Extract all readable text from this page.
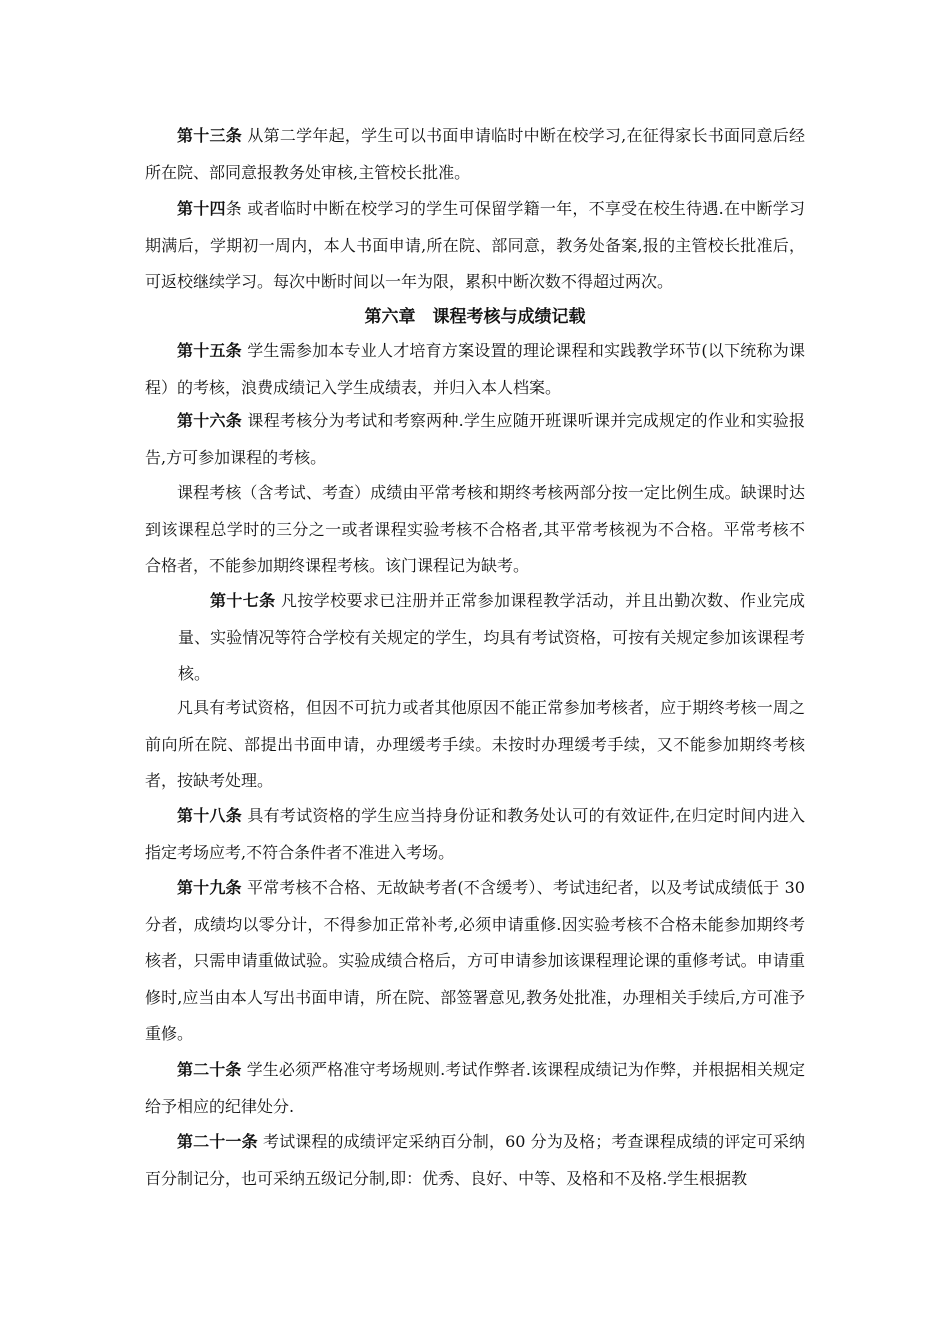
第十三条 从第二学年起，学生可以书面申请临时中断在校学习,在征得家长书面同意后经所在院、部同意报教务处审核,主管校长批准。
第十四条 或者临时中断在校学习的学生可保留学籍一年，不享受在校生待遇.在中断学习期满后，学期初一周内，本人书面申请,所在院、部同意，教务处备案,报的主管校长批准后，可返校继续学习。每次中断时间以一年为限，累积中断次数不得超过两次。
第六章　课程考核与成绩记载
第十五条 学生需参加本专业人才培育方案设置的理论课程和实践教学环节(以下统称为课程）的考核，浪费成绩记入学生成绩表，并归入本人档案。
第十六条 课程考核分为考试和考察两种.学生应随开班课听课并完成规定的作业和实验报告,方可参加课程的考核。
课程考核（含考试、考查）成绩由平常考核和期终考核两部分按一定比例生成。缺课时达到该课程总学时的三分之一或者课程实验考核不合格者,其平常考核视为不合格。平常考核不合格者，不能参加期终课程考核。该门课程记为缺考。
第十七条 凡按学校要求已注册并正常参加课程教学活动，并且出勤次数、作业完成量、实验情况等符合学校有关规定的学生，均具有考试资格，可按有关规定参加该课程考核。
凡具有考试资格，但因不可抗力或者其他原因不能正常参加考核者，应于期终考核一周之前向所在院、部提出书面申请，办理缓考手续。未按时办理缓考手续，又不能参加期终考核者，按缺考处理。
第十八条 具有考试资格的学生应当持身份证和教务处认可的有效证件,在归定时间内进入指定考场应考,不符合条件者不准进入考场。
第十九条 平常考核不合格、无故缺考者(不含缓考）、考试违纪者，以及考试成绩低于 30 分者，成绩均以零分计，不得参加正常补考,必须申请重修.因实验考核不合格未能参加期终考核者，只需申请重做试验。实验成绩合格后，方可申请参加该课程理论课的重修考试。申请重修时,应当由本人写出书面申请，所在院、部签署意见,教务处批准，办理相关手续后,方可准予重修。
第二十条 学生必须严格准守考场规则.考试作弊者.该课程成绩记为作弊，并根据相关规定给予相应的纪律处分.
第二十一条 考试课程的成绩评定采纳百分制，60 分为及格；考查课程成绩的评定可采纳百分制记分，也可采纳五级记分制,即：优秀、良好、中等、及格和不及格.学生根据教
